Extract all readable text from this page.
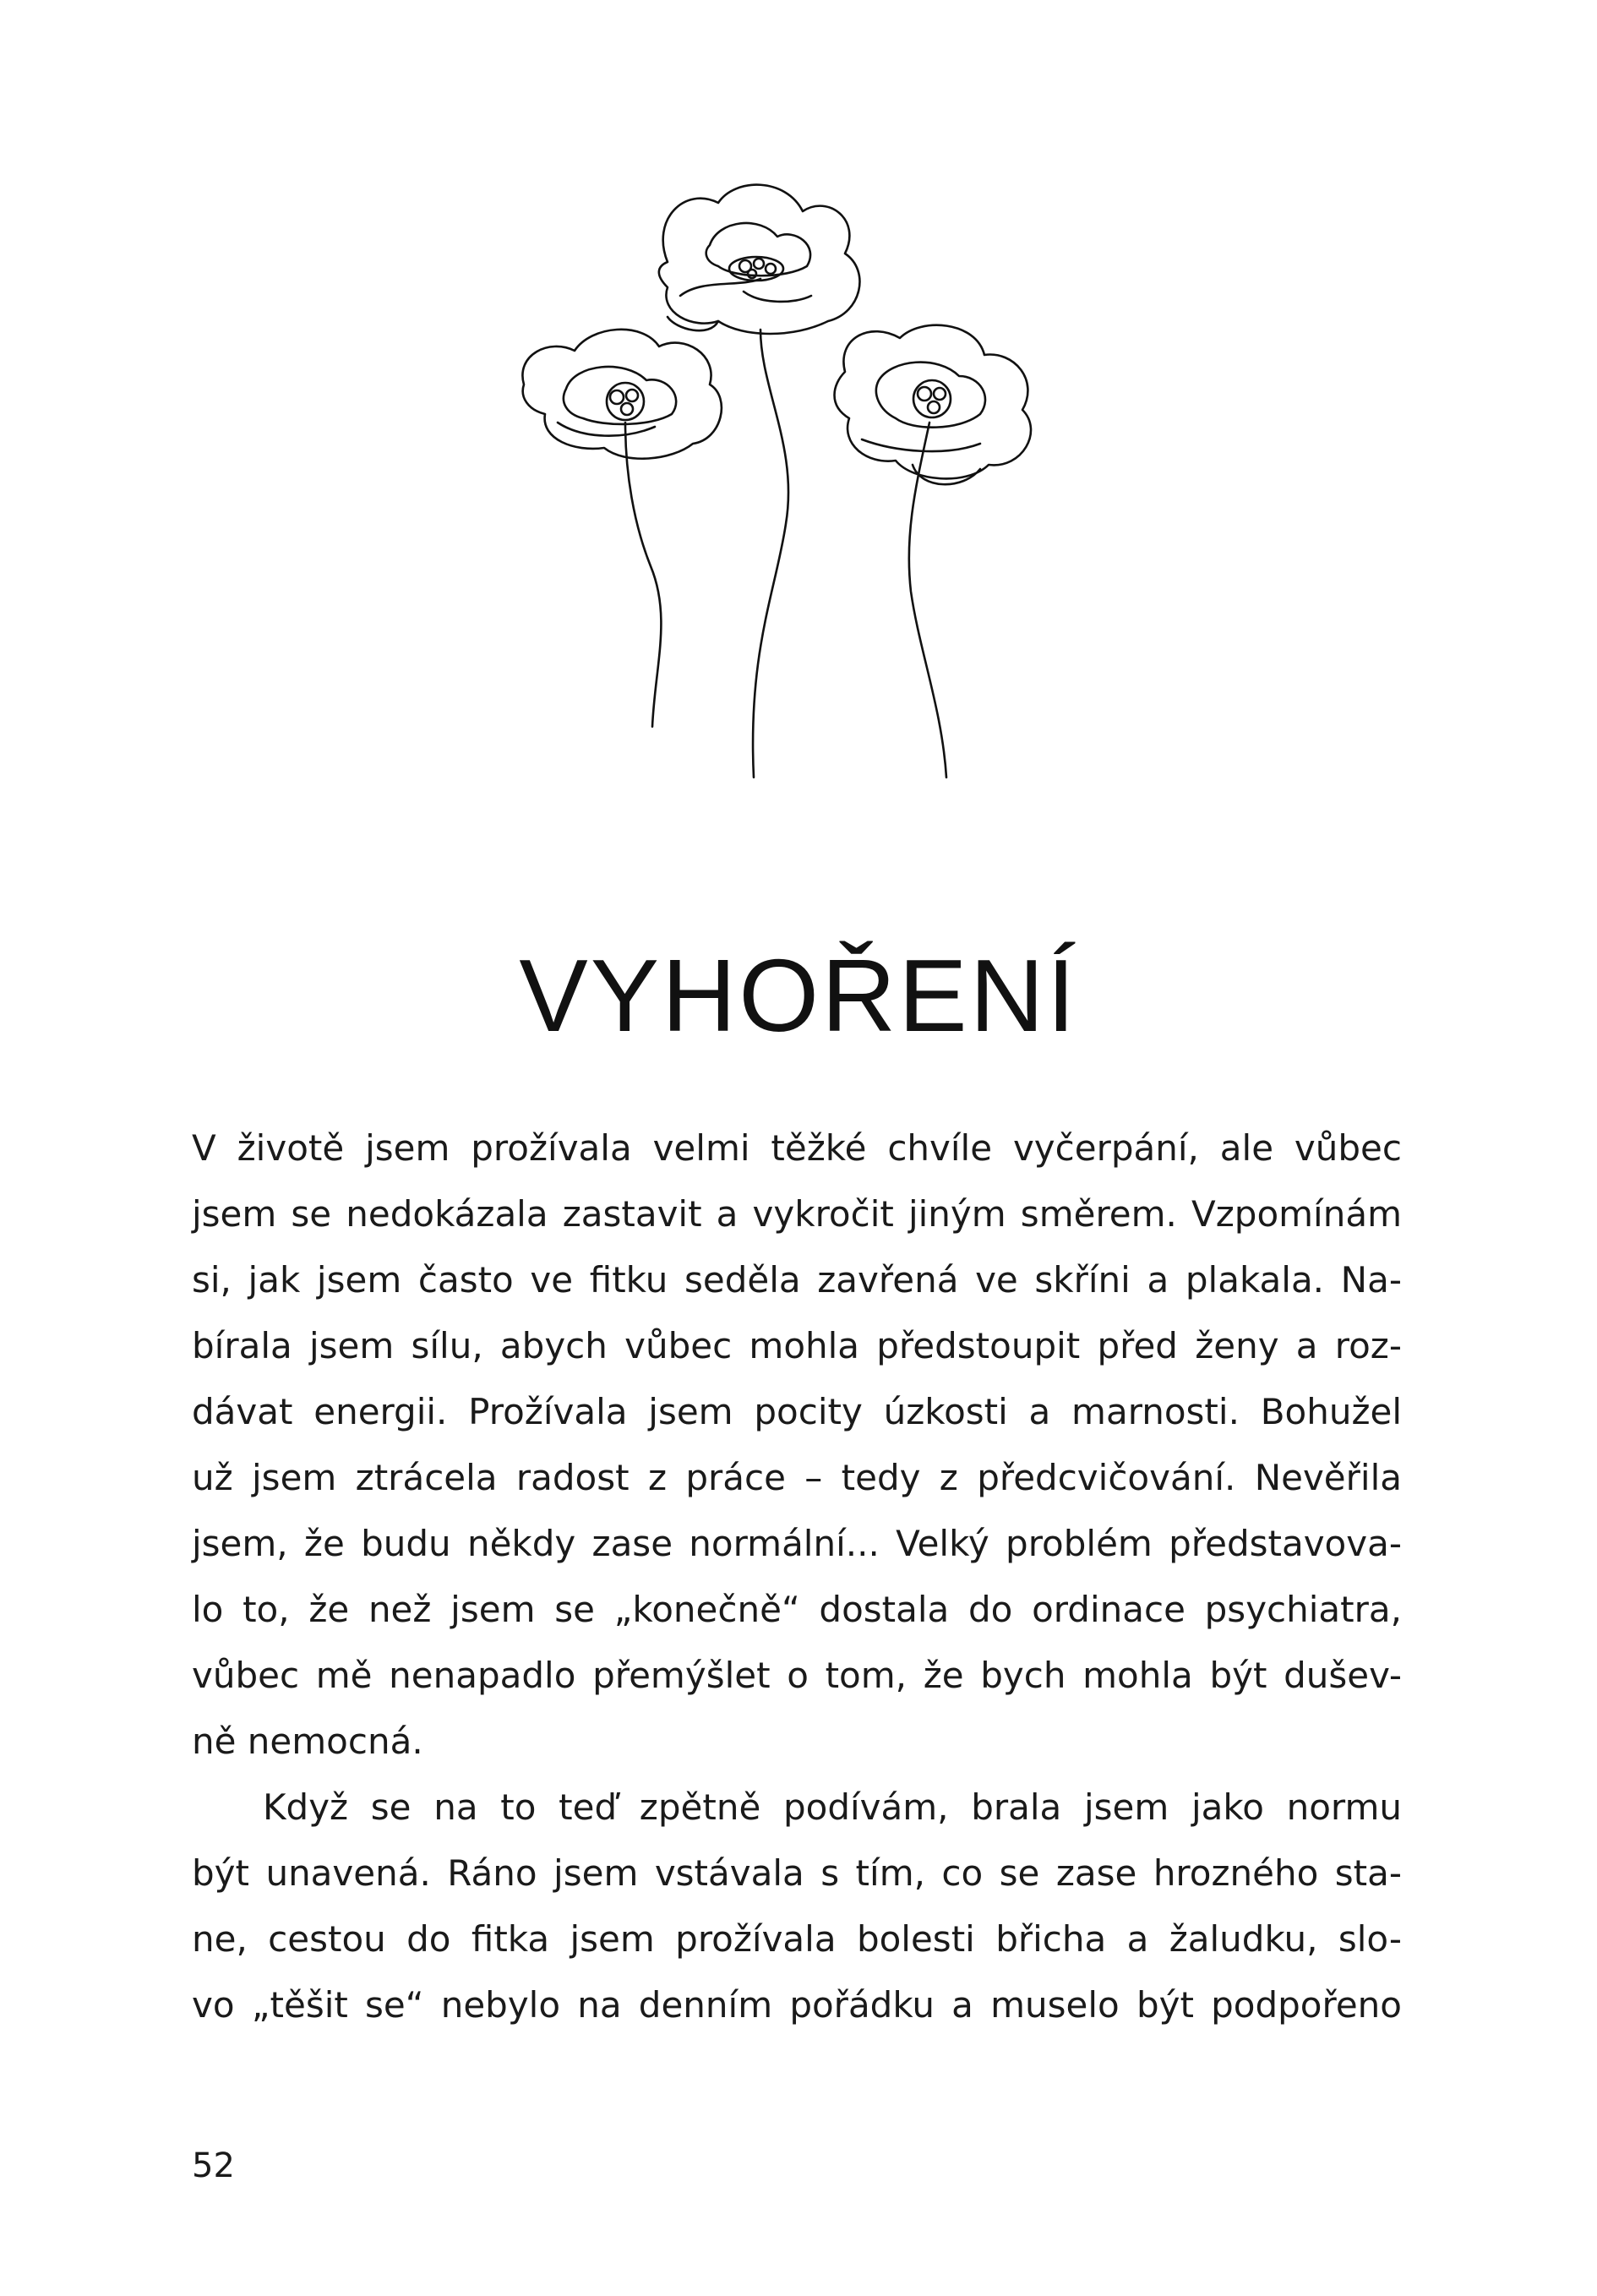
VYHOŘENÍ
V životě jsem prožívala velmi těžké chvíle vyčerpání, ale vůbec
jsem se nedokázala zastavit a vykročit jiným směrem. Vzpomínám
si, jak jsem často ve fitku seděla zavřená ve skříni a plakala. Na-
bírala jsem sílu, abych vůbec mohla předstoupit před ženy a roz-
dávat energii. Prožívala jsem pocity úzkosti a marnosti. Bohužel
už jsem ztrácela radost z práce – tedy z předcvičování. Nevěřila
jsem, že budu někdy zase normální... Velký problém představova-
lo to, že než jsem se „konečně“ dostala do ordinace psychiatra,
vůbec mě nenapadlo přemýšlet o tom, že bych mohla být dušev-
ně nemocná.
Když se na to teď zpětně podívám, brala jsem jako normu
být unavená. Ráno jsem vstávala s tím, co se zase hrozného sta-
ne, cestou do fitka jsem prožívala bolesti břicha a žaludku, slo-
vo „těšit se“ nebylo na denním pořádku a muselo být podpořeno
52
